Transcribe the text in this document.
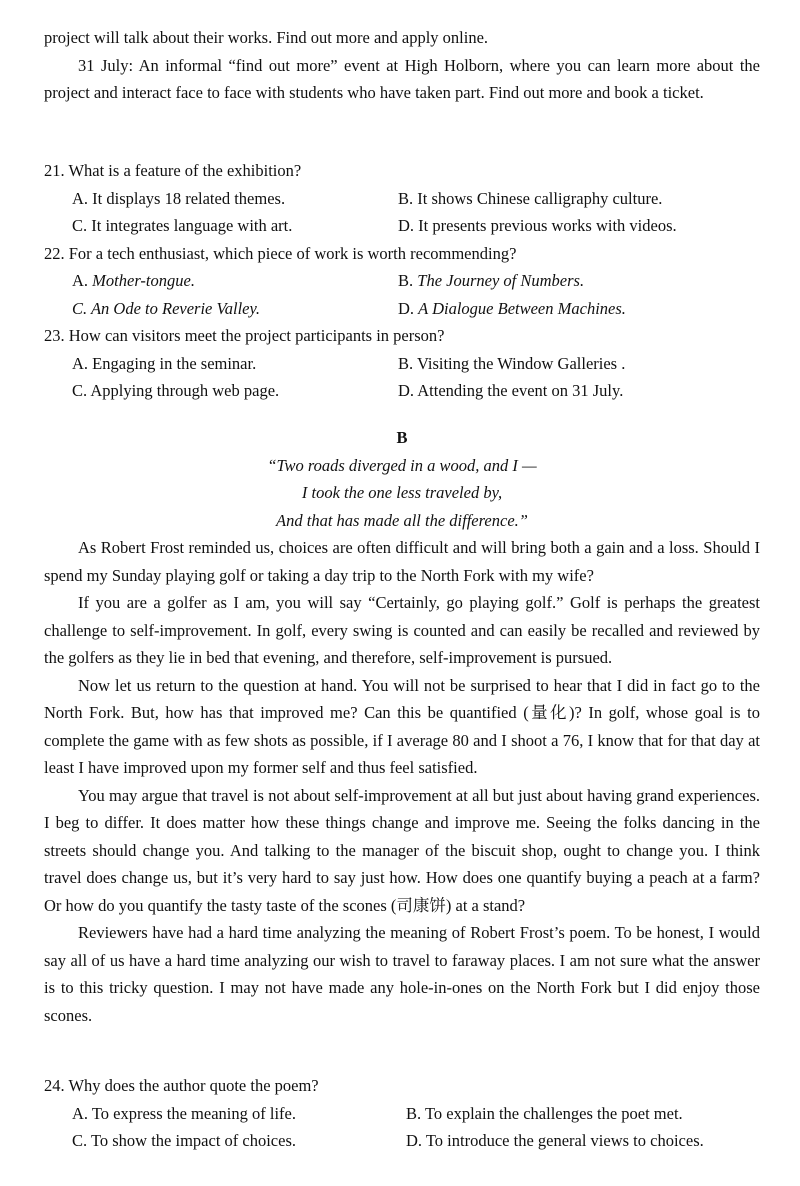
project will talk about their works. Find out more and apply online.

31 July: An informal “find out more” event at High Holborn, where you can learn more about the project and interact face to face with students who have taken part. Find out more and book a ticket.

21. What is a feature of the exhibition?
A. It displays 18 related themes.	B. It shows Chinese calligraphy culture.
C. It integrates language with art.	D. It presents previous works with videos.
22. For a tech enthusiast, which piece of work is worth recommending?
A. Mother-tongue.	B. The Journey of Numbers.
C. An Ode to Reverie Valley.	D. A Dialogue Between Machines.
23. How can visitors meet the project participants in person?
A. Engaging in the seminar.	B. Visiting the Window Galleries .
C. Applying through web page.	D. Attending the event on 31 July.
B
“Two roads diverged in a wood, and I —
I took the one less traveled by,
And that has made all the difference.”

As Robert Frost reminded us, choices are often difficult and will bring both a gain and a loss. Should I spend my Sunday playing golf or taking a day trip to the North Fork with my wife?

If you are a golfer as I am, you will say “Certainly, go playing golf.” Golf is perhaps the greatest challenge to self-improvement. In golf, every swing is counted and can easily be recalled and reviewed by the golfers as they lie in bed that evening, and therefore, self-improvement is pursued.

Now let us return to the question at hand. You will not be surprised to hear that I did in fact go to the North Fork. But, how has that improved me? Can this be quantified (量化)? In golf, whose goal is to complete the game with as few shots as possible, if I average 80 and I shoot a 76, I know that for that day at least I have improved upon my former self and thus feel satisfied.

You may argue that travel is not about self-improvement at all but just about having grand experiences. I beg to differ. It does matter how these things change and improve me. Seeing the folks dancing in the streets should change you. And talking to the manager of the biscuit shop, ought to change you. I think travel does change us, but it’s very hard to say just how. How does one quantify buying a peach at a farm? Or how do you quantify the tasty taste of the scones (司康饼) at a stand?

Reviewers have had a hard time analyzing the meaning of Robert Frost’s poem. To be honest, I would say all of us have a hard time analyzing our wish to travel to faraway places. I am not sure what the answer is to this tricky question. I may not have made any hole-in-ones on the North Fork but I did enjoy those scones.

24. Why does the author quote the poem?
A. To express the meaning of life.	B. To explain the challenges the poet met.
C. To show the impact of choices.	D. To introduce the general views to choices.
